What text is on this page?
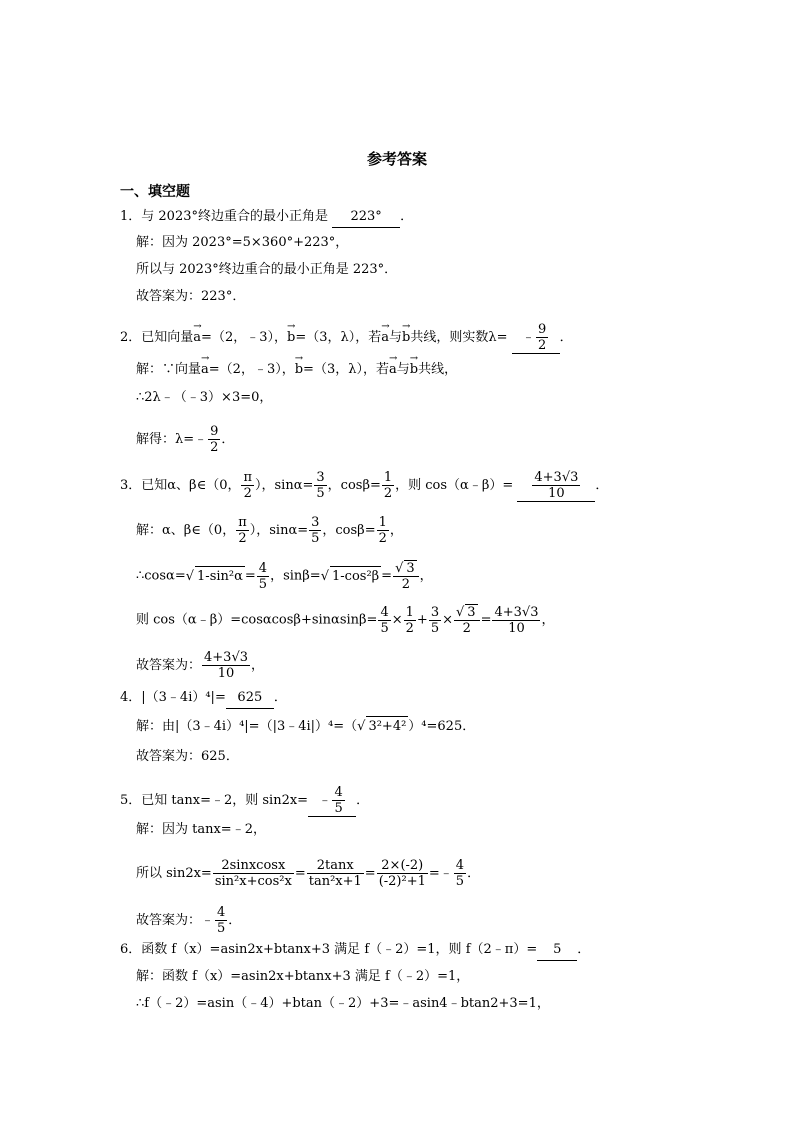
参考答案
一、填空题
1．与 2023°终边重合的最小正角是 223° ．
解：因为 2023°=5×360°+223°，
所以与 2023°终边重合的最小正角是 223°．
故答案为：223°．
2．已知向量a →=（2，﹣3），b →=（3，λ），若a →与b →共线，则实数λ= ﹣ $\frac{9}{2}$ ．
解：∵向量a →=（2，﹣3），b →=（3，λ），若a →与b →共线，
∴2λ﹣（﹣3）×3=0，
解得：λ=﹣ $\frac{9}{2}$ ．
3．已知α、β∈（0， $\frac{\pi}{2}$ ），$\sin\alpha= \frac{3}{5}$ ，$\cos\beta= \frac{1}{2}$ ，则 cos（α﹣β）= $\frac{4+3√3}{10}$ ．
解：α、β∈（0， $\frac{\pi}{2}$ ），$\sin\alpha= \frac{3}{5}$ ，$\cos\beta= \frac{1}{2}$ ，
∴cosα= √ $1-\sin^2\alpha = \frac{4}{5}$ ，sinβ= √ 1-cos²β = √ $\frac{3}{2}$ ，
则 cos（α﹣β）=cosαcosβ+sinαsinβ= $\frac{4}{5} \times \frac{1}{2} + \frac{3}{5}$ × √ $\frac{3}{2} = \frac{4+3√3}{10}$ ，
故答案为： $\frac{4+3√3}{10}$ ，
4．|（3﹣4i）⁴|= 625 ．
解：由|（3﹣4i）⁴|=（|3﹣4i|）⁴=（ √ 3²+4² ）⁴=625．
故答案为：625．
5．已知 tanx=﹣2，则 sin2x= ﹣ $\frac{4}{5}$ ．
解：因为 tanx=﹣2，
所以 $\sin 2x= \frac{\text{2sinxcosx}}{\text{sin²x+cos²x}} = \frac{2\tan x}{\text{tan²x+1}} = \frac{2\times(-2)}{\text{(-2)²+1}}$ =﹣ $\frac{4}{5}$ ．
故答案为：﹣ $\frac{4}{5}$ ．
6．函数 f（x）=asin2x+btanx+3 满足 f（﹣2）=1，则 f（2﹣π）= 5 ．
解：函数 f（x）=asin2x+btanx+3 满足 f（﹣2）=1，
∴f（﹣2）=asin（﹣4）+btan（﹣2）+3=﹣asin4﹣btan2+3=1，
